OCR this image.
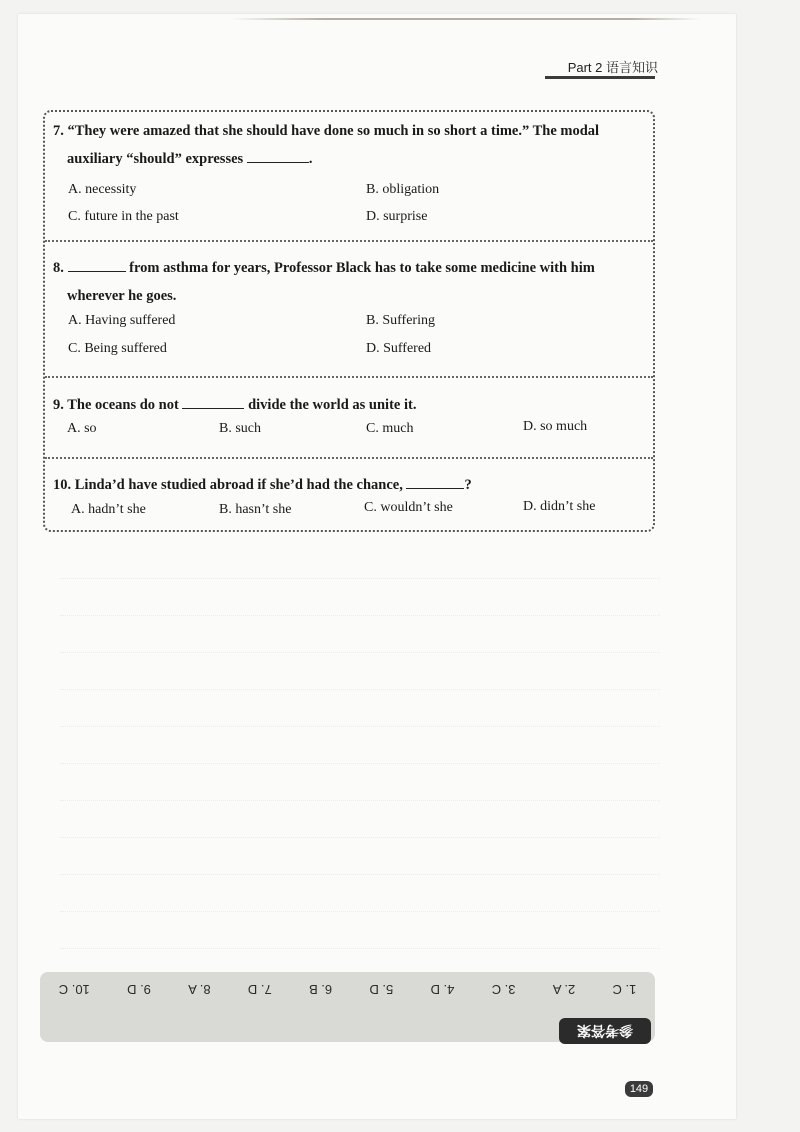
Part 2 语言知识
7. “They were amazed that she should have done so much in so short a time.” The modal
auxiliary “should” expresses	.
A. necessity	B. obligation
C. future in the past	D. surprise
8.	from asthma for years, Professor Black has to take some medicine with him
wherever he goes.
A. Having suffered	B. Suffering
C. Being suffered	D. Suffered
9. The oceans do not	divide the world as unite it.
A. so	B. such	C. much	D. so much
10. Linda’d have studied abroad if she’d had the chance,	?
A. hadn’t she	B. hasn’t she	C. wouldn’t she	D. didn’t she
1. C
2. A
3. C
4. D
5. D
6. B
7. D
8. A
9. D
10. C
参考答案
149
